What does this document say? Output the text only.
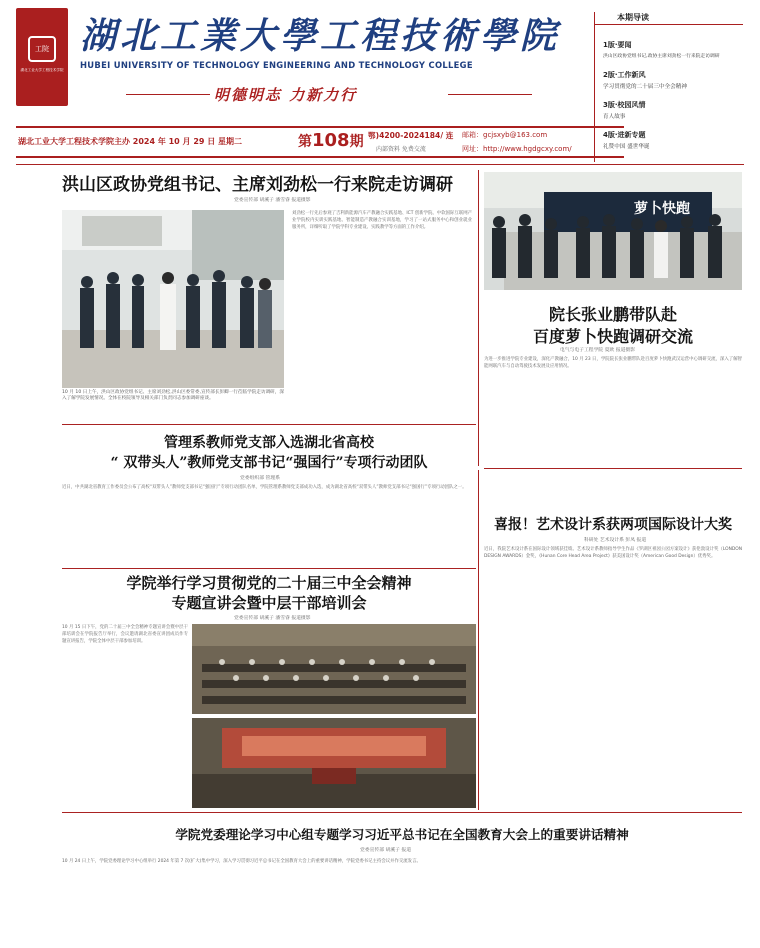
工院
湖北工业大学工程技术学院
湖北工業大學工程技術學院
HUBEI UNIVERSITY OF TECHNOLOGY ENGINEERING AND TECHNOLOGY COLLEGE
明德明志 力新力行
湖北工业大学工程技术学院主办 2024 年 10 月 29 日 星期二	第108期 鄂)4200-2024184/ 连
内部资料 免费交流
邮箱：gcjsxyb@163.com
网址：http://www.hgdgcxy.com/
本期导读
1版·要闻
洪山区政协党组书记,政协主席刘劲松一行来院走访调研
2版·工作新风
学习贯彻党的二十届三中全会精神
3版·校园风情
育人故事
4版·进新专题
礼赞中国 盛世华诞
洪山区政协党组书记、主席刘劲松一行来院走访调研
党委宣传部 胡溪子 潘雪睿 报道摄影
10 月 10 日上午，洪山区政协党组书记、主席刘劲松,洪山区委常委,宣传部长彭卿一行莅临学院走访调研，深入了解学院发展情况。全体在校院领导及相关部门负责同志参加调研座谈。
刘劲松一行先后参观了吉利新能源汽车产教融合实践基地、ICT 创新学院、中软国际互联网产业学院校内实训实践基地、智能制造产教融合实训基地，学习了一站式服务中心和创业就业服务所，详细听取了学院学科专业建设、实践教学等方面的工作介绍。
萝卜快跑
院长张业鹏带队赴
百度萝卜快跑调研交流
电气与电子工程学院 夏欧 报道摄影
为进一步推进学院专业建设，深化产教融合，10 月 23 日，学院院长张业鹏带队赴百度萝卜快跑武汉运营中心调研交流，深入了解智能网联汽车与自动驾驶技术发展及应用情况。
管理系教师党支部入选湖北省高校
“ 双带头人”教师党支部书记“强国行”专项行动团队
党委组织部 管理系
近日，中共湖北省教育工作委员会公布了高校“双带头人”教师党支部书记“强国行”专项行动团队名单，学院管理系教师党支部成功入选，成为湖北省高校“双带头人”教师党支部书记“强国行”专项行动团队之一。
喜报！艺术设计系获两项国际设计大奖
科研处 艺术设计系 彭凤 报道
近日，我院艺术设计系在国际设计领域获佳绩。艺术设计系教师指导学生作品《罗湖区祖园公园方案设计》获伦敦设计奖（LONDON DESIGN AWARDS）金奖，《Hunan Core Head Area Project》获美国设计奖（American Good Design）优秀奖。
学院举行学习贯彻党的二十届三中全会精神
专题宣讲会暨中层干部培训会
党委宣传部 胡溪子 潘雪睿 报道摄影
10 月 15 日下午，党的二十届三中全会精神专题宣讲会暨中层干部培训会在学院报告厅举行，会议邀请湖北省委宣讲团成员作专题宣讲报告，学院全体中层干部参加培训。
学院党委理论学习中心组专题学习习近平总书记在全国教育大会上的重要讲话精神
党委宣传部 胡溪子 报道
10 月 24 日上午，学院党委理论学习中心组举行 2024 年第 7 次(扩大)集中学习，深入学习贯彻习近平总书记在全国教育大会上的重要讲话精神，学院党委书记主持会议并作交流发言。
